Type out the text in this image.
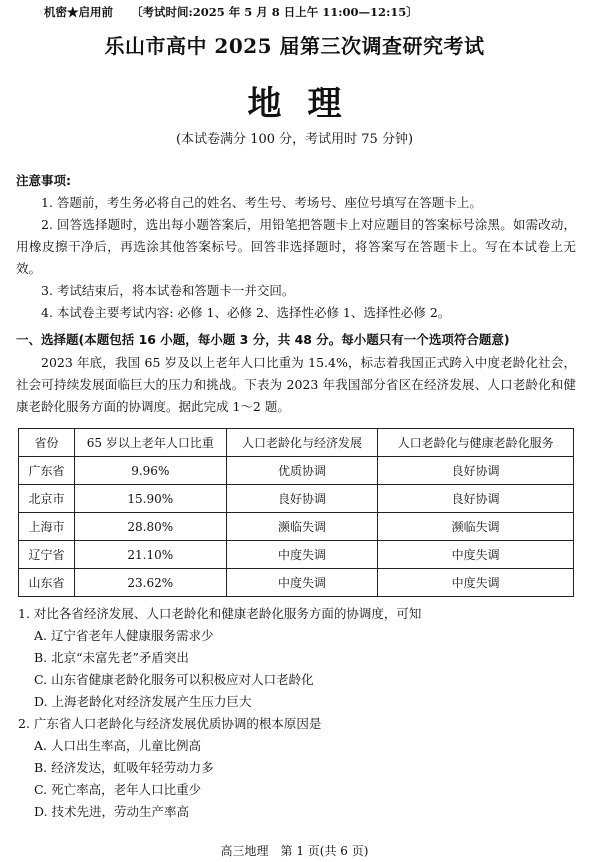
机密★启用前 〔考试时间:2025 年 5 月 8 日上午 11:00—12:15〕
乐山市高中 2025 届第三次调查研究考试
地理
(本试卷满分 100 分，考试用时 75 分钟)
注意事项:

1. 答题前，考生务必将自己的姓名、考生号、考场号、座位号填写在答题卡上。

2. 回答选择题时，选出每小题答案后，用铅笔把答题卡上对应题目的答案标号涂黑。如需改动，用橡皮擦干净后，再选涂其他答案标号。回答非选择题时，将答案写在答题卡上。写在本试卷上无效。

3. 考试结束后，将本试卷和答题卡一并交回。

4. 本试卷主要考试内容: 必修 1、必修 2、选择性必修 1、选择性必修 2。

一、选择题(本题包括 16 小题，每小题 3 分，共 48 分。每小题只有一个选项符合题意)
2023 年底，我国 65 岁及以上老年人口比重为 15.4%，标志着我国正式跨入中度老龄化社会，社会可持续发展面临巨大的压力和挑战。下表为 2023 年我国部分省区在经济发展、人口老龄化和健康老龄化服务方面的协调度。据此完成 1～2 题。
省份	65 岁以上老年人口比重	人口老龄化与经济发展	人口老龄化与健康老龄化服务
广东省	9.96%	优质协调	良好协调
北京市	15.90%	良好协调	良好协调
上海市	28.80%	濒临失调	濒临失调
辽宁省	21.10%	中度失调	中度失调
山东省	23.62%	中度失调	中度失调

1. 对比各省经济发展、人口老龄化和健康老龄化服务方面的协调度，可知

A. 辽宁省老年人健康服务需求少

B. 北京“未富先老”矛盾突出

C. 山东省健康老龄化服务可以积极应对人口老龄化

D. 上海老龄化对经济发展产生压力巨大

2. 广东省人口老龄化与经济发展优质协调的根本原因是

A. 人口出生率高，儿童比例高

B. 经济发达，虹吸年轻劳动力多

C. 死亡率高，老年人口比重少

D. 技术先进，劳动生产率高

高三地理　第 1 页(共 6 页)
